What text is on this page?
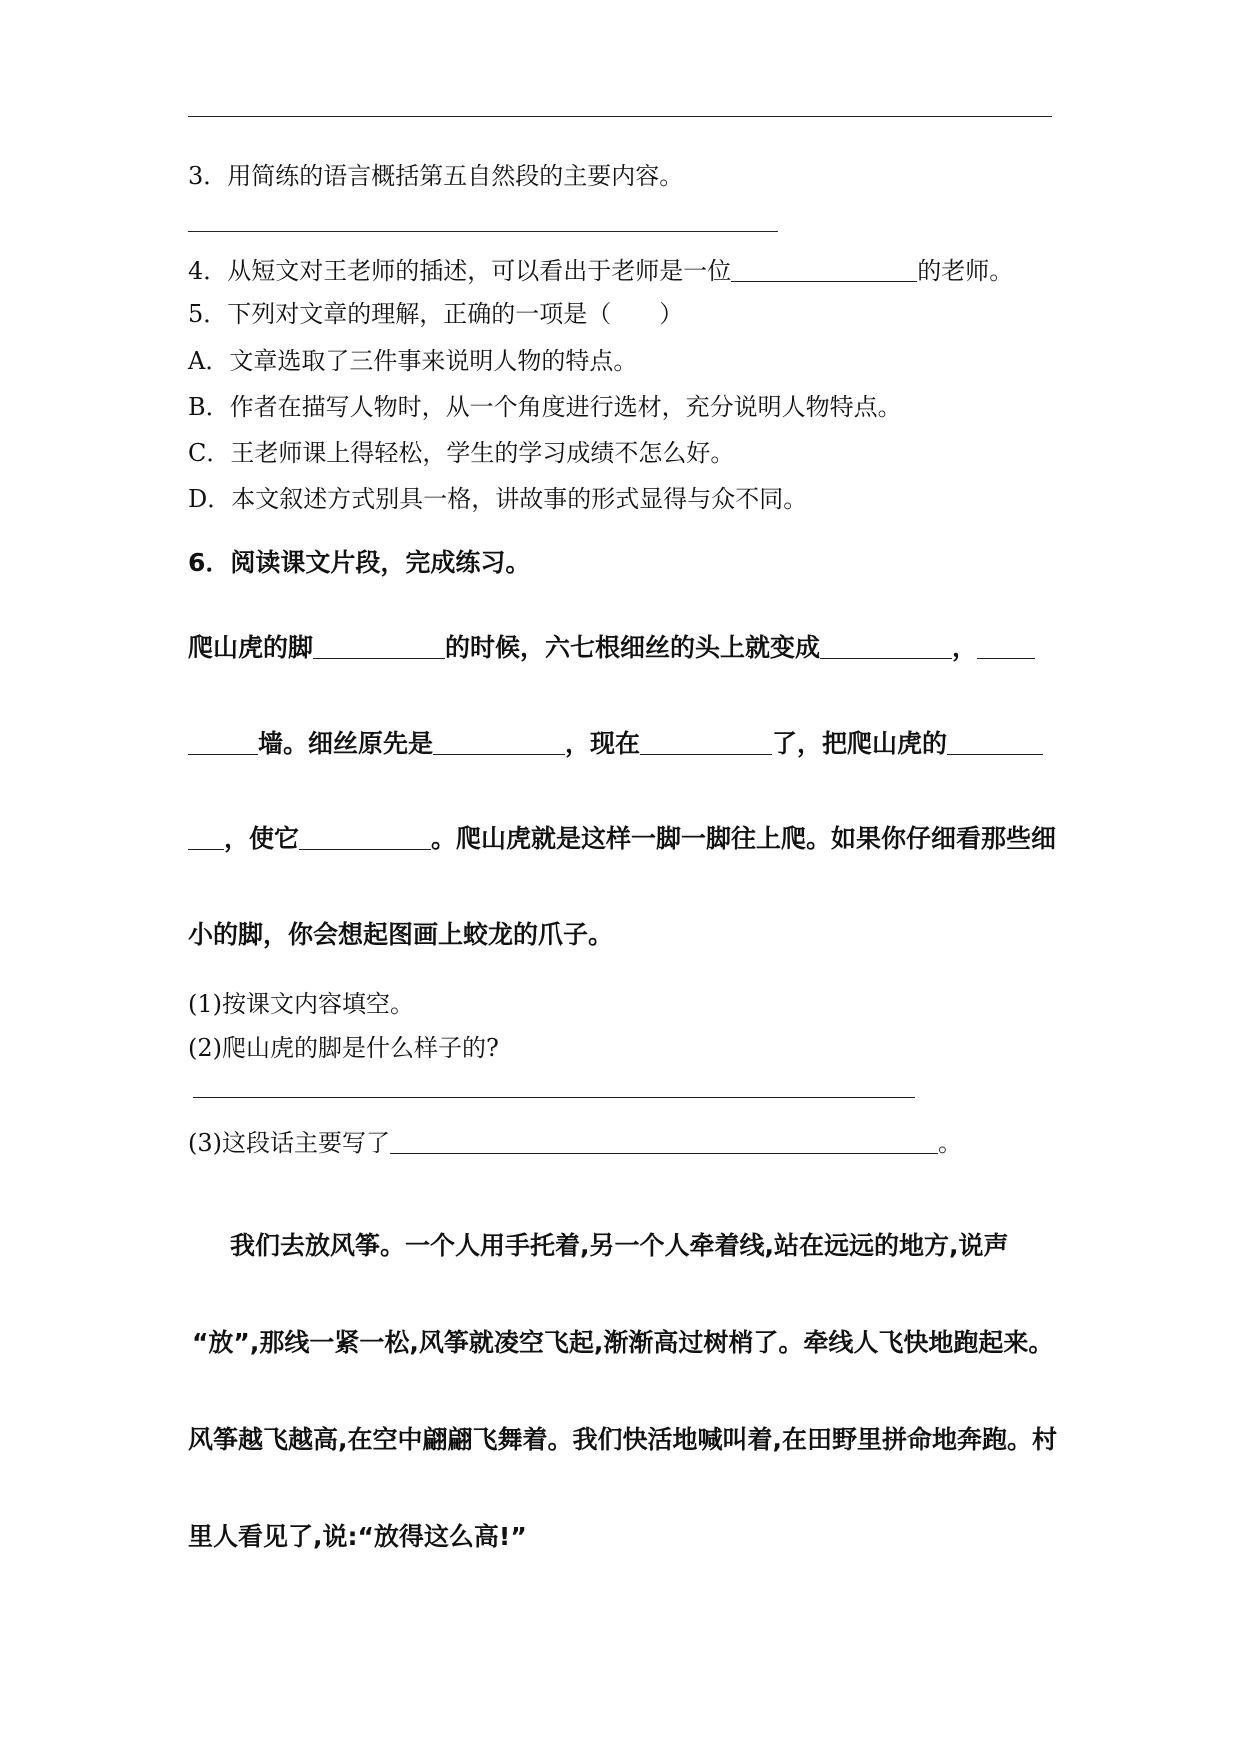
3．用简练的语言概括第五自然段的主要内容。
4．从短文对王老师的插述，可以看出于老师是一位	的老师。
5．下列对文章的理解，正确的一项是（　　）
A．文章选取了三件事来说明人物的特点。
B．作者在描写人物时，从一个角度进行选材，充分说明人物特点。
C．王老师课上得轻松，学生的学习成绩不怎么好。
D．本文叙述方式别具一格，讲故事的形式显得与众不同。
6．阅读课文片段，完成练习。
爬山虎的脚	的时候，六七根细丝的头上就变成	，
墙。细丝原先是	，现在	了，把爬山虎的
，使它	。爬山虎就是这样一脚一脚往上爬。如果你仔细看那些细
小的脚，你会想起图画上蛟龙的爪子。
(1)按课文内容填空。
(2)爬山虎的脚是什么样子的?
(3)这段话主要写了	。
我们去放风筝。一个人用手托着,另一个人牵着线,站在远远的地方,说声
“放”,那线一紧一松,风筝就凌空飞起,渐渐高过树梢了。牵线人飞快地跑起来。
风筝越飞越高,在空中翩翩飞舞着。我们快活地喊叫着,在田野里拼命地奔跑。村
里人看见了,说:“放得这么高!”
